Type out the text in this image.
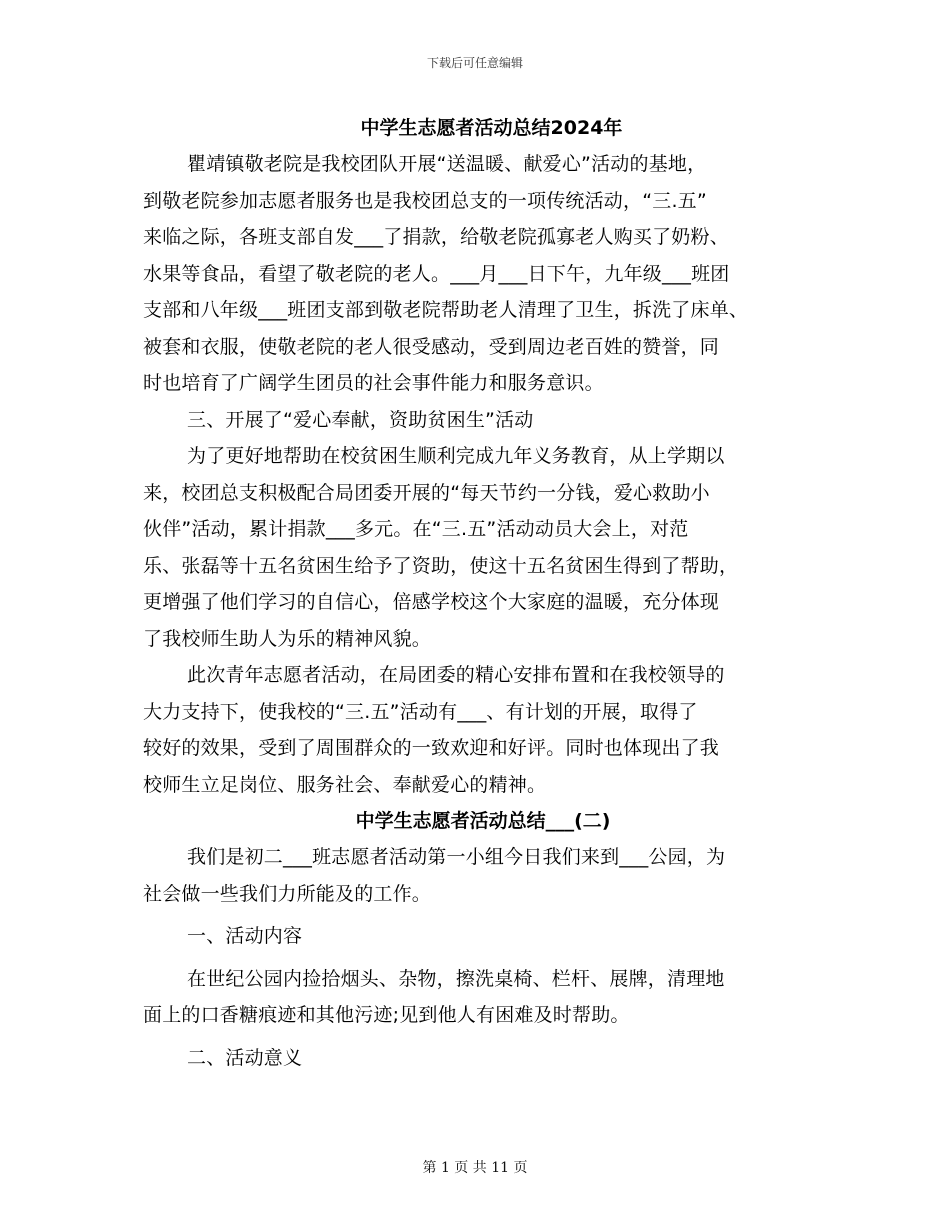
下载后可任意编辑
中学生志愿者活动总结2024年
瞿靖镇敬老院是我校团队开展“送温暖、献爱心”活动的基地，
到敬老院参加志愿者服务也是我校团总支的一项传统活动，“三.五”
来临之际，各班支部自发___了捐款，给敬老院孤寡老人购买了奶粉、
水果等食品，看望了敬老院的老人。___月___日下午，九年级___班团
支部和八年级___班团支部到敬老院帮助老人清理了卫生，拆洗了床单、
被套和衣服，使敬老院的老人很受感动，受到周边老百姓的赞誉，同
时也培育了广阔学生团员的社会事件能力和服务意识。
三、开展了“爱心奉献，资助贫困生”活动
为了更好地帮助在校贫困生顺利完成九年义务教育，从上学期以
来，校团总支积极配合局团委开展的“每天节约一分钱，爱心救助小
伙伴”活动，累计捐款___多元。在“三.五”活动动员大会上，对范
乐、张磊等十五名贫困生给予了资助，使这十五名贫困生得到了帮助，
更增强了他们学习的自信心，倍感学校这个大家庭的温暖，充分体现
了我校师生助人为乐的精神风貌。
此次青年志愿者活动，在局团委的精心安排布置和在我校领导的
大力支持下，使我校的“三.五”活动有___、有计划的开展，取得了
较好的效果，受到了周围群众的一致欢迎和好评。同时也体现出了我
校师生立足岗位、服务社会、奉献爱心的精神。
中学生志愿者活动总结___(二)
我们是初二___班志愿者活动第一小组今日我们来到___公园，为
社会做一些我们力所能及的工作。
一、活动内容
在世纪公园内捡拾烟头、杂物，擦洗桌椅、栏杆、展牌，清理地
面上的口香糖痕迹和其他污迹;见到他人有困难及时帮助。
二、活动意义
第 1 页 共 11 页
